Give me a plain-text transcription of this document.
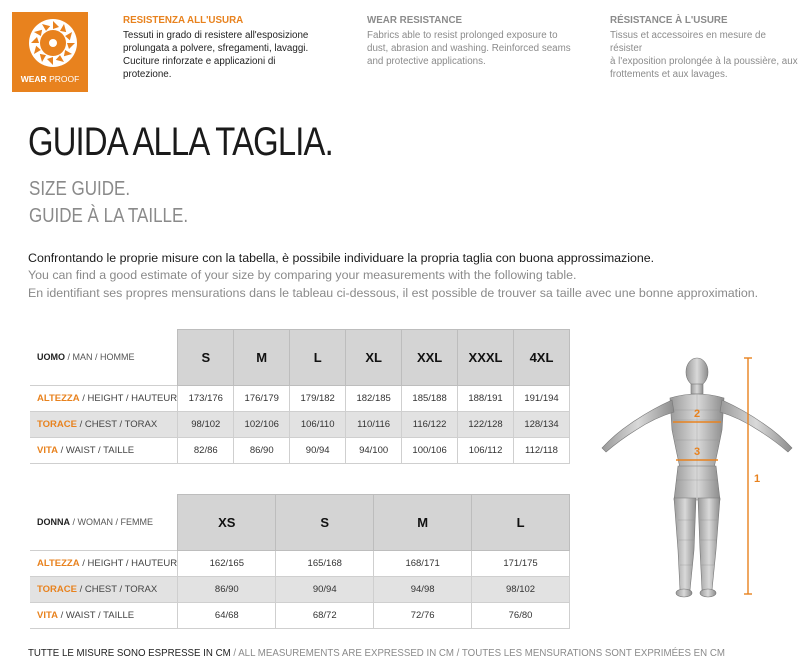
WEAR PROOF
RESISTENZA ALL'USURA
Tessuti in grado di resistere all'esposizione
prolungata a polvere, sfregamenti, lavaggi.
Cuciture rinforzate e applicazioni di
protezione.
WEAR RESISTANCE
Fabrics able to resist prolonged exposure to
dust, abrasion and washing. Reinforced seams
and protective applications.
RÉSISTANCE À L'USURE
Tissus et accessoires en mesure de résister
à l'exposition prolongée à la poussière, aux
frottements et aux lavages.
GUIDA ALLA TAGLIA.
SIZE GUIDE.
GUIDE À LA TAILLE.
Confrontando le proprie misure con la tabella, è possibile individuare la propria taglia con buona approssimazione.
You can find a good estimate of your size by comparing your measurements with the following table.
En identifiant ses propres mensurations dans le tableau ci-dessous, il est possible de trouver sa taille avec une bonne approximation.
UOMO / MAN / HOMME	S	M	L	XL	XXL	XXXL	4XL
ALTEZZA / HEIGHT / HAUTEUR	173/176	176/179	179/182	182/185	185/188	188/191	191/194
TORACE / CHEST / TORAX	98/102	102/106	106/110	110/116	116/122	122/128	128/134
VITA / WAIST / TAILLE	82/86	86/90	90/94	94/100	100/106	106/112	112/118
DONNA / WOMAN / FEMME	XS	S	M	L
ALTEZZA / HEIGHT / HAUTEUR	162/165	165/168	168/171	171/175
TORACE / CHEST / TORAX	86/90	90/94	94/98	98/102
VITA / WAIST / TAILLE	64/68	68/72	72/76	76/80
2
3
1
TUTTE LE MISURE SONO ESPRESSE IN CM / ALL MEASUREMENTS ARE EXPRESSED IN CM / TOUTES LES MENSURATIONS SONT EXPRIMÉES EN CM
